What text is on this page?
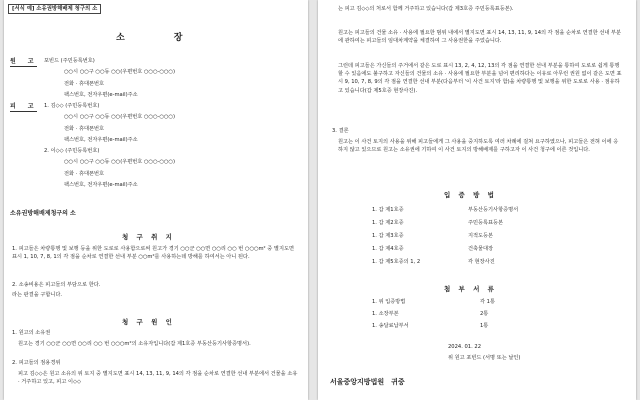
[서식 예] 소유권방해배제 청구의 소
소　장
원　고 포빈드 (주민등록번호)
○○시 ○○구 ○○동 ○○(우편번호 ○○○-○○○)
전화 · 휴대폰번호
팩스번호, 전자우편(e-mail)주소
피　고 1. 김◇◇ (주민등록번호)
○○시 ○○구 ○○동 ○○(우편번호 ○○○-○○○)
전화 · 휴대폰번호
팩스번호, 전자우편(e-mail)주소
2. 이◇◇ (주민등록번호)
○○시 ○○구 ○○동 ○○(우편번호 ○○○-○○○)
전화 · 휴대폰번호
팩스번호, 전자우편(e-mail)주소
소유권방해배제청구의 소
청 구 취 지
1. 피고들은 차량통행 및 보행 등을 위한 도로로 사용함으로써 원고가 경기 ○○군 ○○면 ○○리 ○○ 번 ○○○m² 중 별지도면 표시 1, 10, 7, 8, 1의 각 점을 순차로 연결한 선내 부분 ○○m²를 사용하는데 방해를 하여서는 아니 된다.
2. 소송비용은 피고들의 부담으로 한다.
라는 판결을 구합니다.
청 구 원 인
1. 원고의 소유권
원고는 경기 ○○군 ○○면 ○○리 ○○ 번 ○○○m²의 소유자입니다(갑 제1호증 부동산등기사항증명서).
2. 피고들의 점용경위
피고 김◇◇은 원고 소유의 위 토지 중 별지도면 표시 14, 13, 11, 9, 14의 각 점을 순차로 연결한 선내 부분에서 건물을 소유 · 거주하고 있고, 피고 이◇◇
는 피고 김◇◇의 처로서 함께 거주하고 있습니다(갑 제3호증 주민등록표등본).
원고는 피고들의 건물 소유 · 사용에 필요한 범위 내에서 별지도면 표시 14, 13, 11, 9, 14의 각 점을 순차로 연결한 선내 부분에 관하여는 피고들의 임대차계약을 체결하여 그 사용권한을 주었습니다.
그런데 피고들은 가신들의 주거에서 같은 도로 표시 13, 2, 4, 12, 13의 각 점을 연결한 선내 부분을 통하여 도로로 쉽게 통행할 수 있음에도 불구하고 자신들의 건물의 소유 · 사용에 필요한 부분을 넘어 편리하다는 이유로 아무런 권원 없이 같은 도면 표시 9, 10, 7, 8, 9의 각 점을 연결한 선내 부분(다음부터 '이 사건 토지'라 함)을 차량통행 및 보행을 위한 도로로 사용 · 점유하고 있습니다(갑 제5호증 현장사진).
3. 결론
원고는 이 사건 토지의 사용을 위해 피고들에게 그 사용을 중지하도록 여러 차례에 걸쳐 요구하였으나, 피고들은 전혀 이에 응하지 않고 있으므로 원고는 소유권에 기하여 이 사건 토지의 방해배제를 구하고자 이 사건 청구에 이른 것입니다.
입 증 방 법
1. 갑 제1호증	부동산등기사항증명서
1. 갑 제2호증	주민등록표등본
1. 갑 제3호증	지적도등본
1. 갑 제4호증	건축물대장
1. 갑 제5호증의 1, 2	각 현장사진
첨 부 서 류
1. 위 입증방법	각 1통
1. 소장부본	2통
1. 송달료납부서	1통
2024. 01. 22
위 원고 포빈드 (서명 또는 날인)
서울중앙지방법원　귀중
